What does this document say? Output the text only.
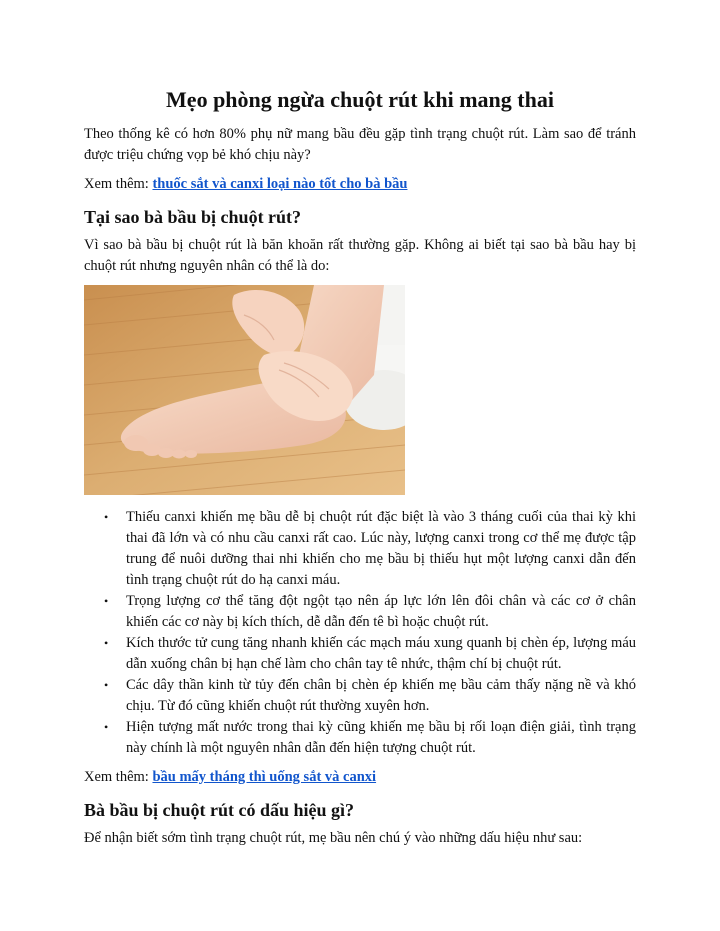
Mẹo phòng ngừa chuột rút khi mang thai

Theo thống kê có hơn 80% phụ nữ mang bầu đều gặp tình trạng chuột rút. Làm sao để tránh được triệu chứng vọp bẻ khó chịu này?

Xem thêm: thuốc sắt và canxi loại nào tốt cho bà bầu

Tại sao bà bầu bị chuột rút?

Vì sao bà bầu bị chuột rút là băn khoăn rất thường gặp. Không ai biết tại sao bà bầu hay bị chuột rút nhưng nguyên nhân có thể là do:

• Thiếu canxi khiến mẹ bầu dễ bị chuột rút đặc biệt là vào 3 tháng cuối của thai kỳ khi thai đã lớn và có nhu cầu canxi rất cao. Lúc này, lượng canxi trong cơ thể mẹ được tập trung để nuôi dưỡng thai nhi khiến cho mẹ bầu bị thiếu hụt một lượng canxi dẫn đến tình trạng chuột rút do hạ canxi máu.
• Trọng lượng cơ thể tăng đột ngột tạo nên áp lực lớn lên đôi chân và các cơ ở chân khiến các cơ này bị kích thích, dễ dẫn đến tê bì hoặc chuột rút.
• Kích thước tử cung tăng nhanh khiến các mạch máu xung quanh bị chèn ép, lượng máu dẫn xuống chân bị hạn chế làm cho chân tay tê nhức, thậm chí bị chuột rút.
• Các dây thần kinh từ tủy đến chân bị chèn ép khiến mẹ bầu cảm thấy nặng nề và khó chịu. Từ đó cũng khiến chuột rút thường xuyên hơn.
• Hiện tượng mất nước trong thai kỳ cũng khiến mẹ bầu bị rối loạn điện giải, tình trạng này chính là một nguyên nhân dẫn đến hiện tượng chuột rút.

Xem thêm: bầu mấy tháng thì uống sắt và canxi

Bà bầu bị chuột rút có dấu hiệu gì?

Để nhận biết sớm tình trạng chuột rút, mẹ bầu nên chú ý vào những dấu hiệu như sau:
